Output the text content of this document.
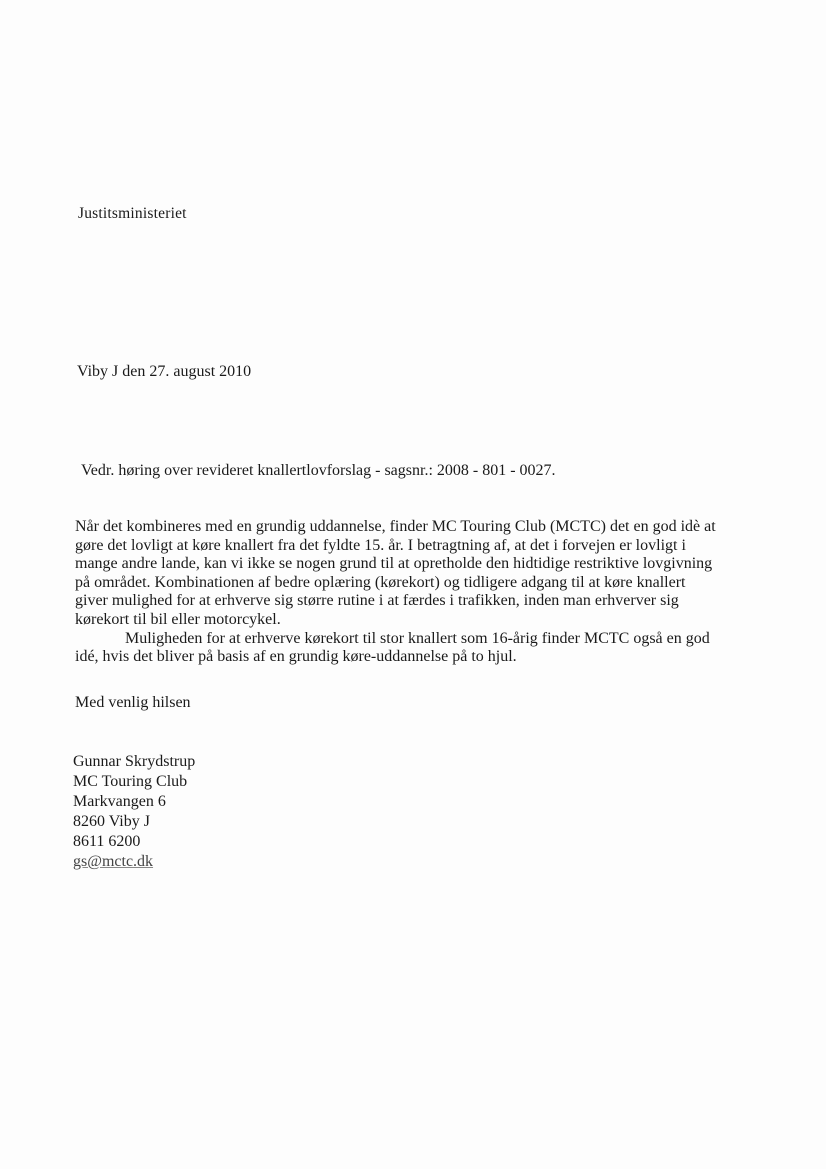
Justitsministeriet
Viby J den 27. august 2010
Vedr. høring over revideret knallertlovforslag - sagsnr.: 2008 - 801 - 0027.
Når det kombineres med en grundig uddannelse, finder MC Touring Club (MCTC) det en god idè at
gøre det lovligt at køre knallert fra det fyldte 15. år. I betragtning af, at det i forvejen er lovligt i
mange andre lande, kan vi ikke se nogen grund til at opretholde den hidtidige restriktive lovgivning
på området. Kombinationen af bedre oplæring (kørekort) og tidligere adgang til at køre knallert
giver mulighed for at erhverve sig større rutine i at færdes i trafikken, inden man erhverver sig
kørekort til bil eller motorcykel.
Muligheden for at erhverve kørekort til stor knallert som 16-årig finder MCTC også en god
idé, hvis det bliver på basis af en grundig køre-uddannelse på to hjul.
Med venlig hilsen
Gunnar Skrydstrup
MC Touring Club
Markvangen 6
8260 Viby J
8611 6200
gs@mctc.dk
